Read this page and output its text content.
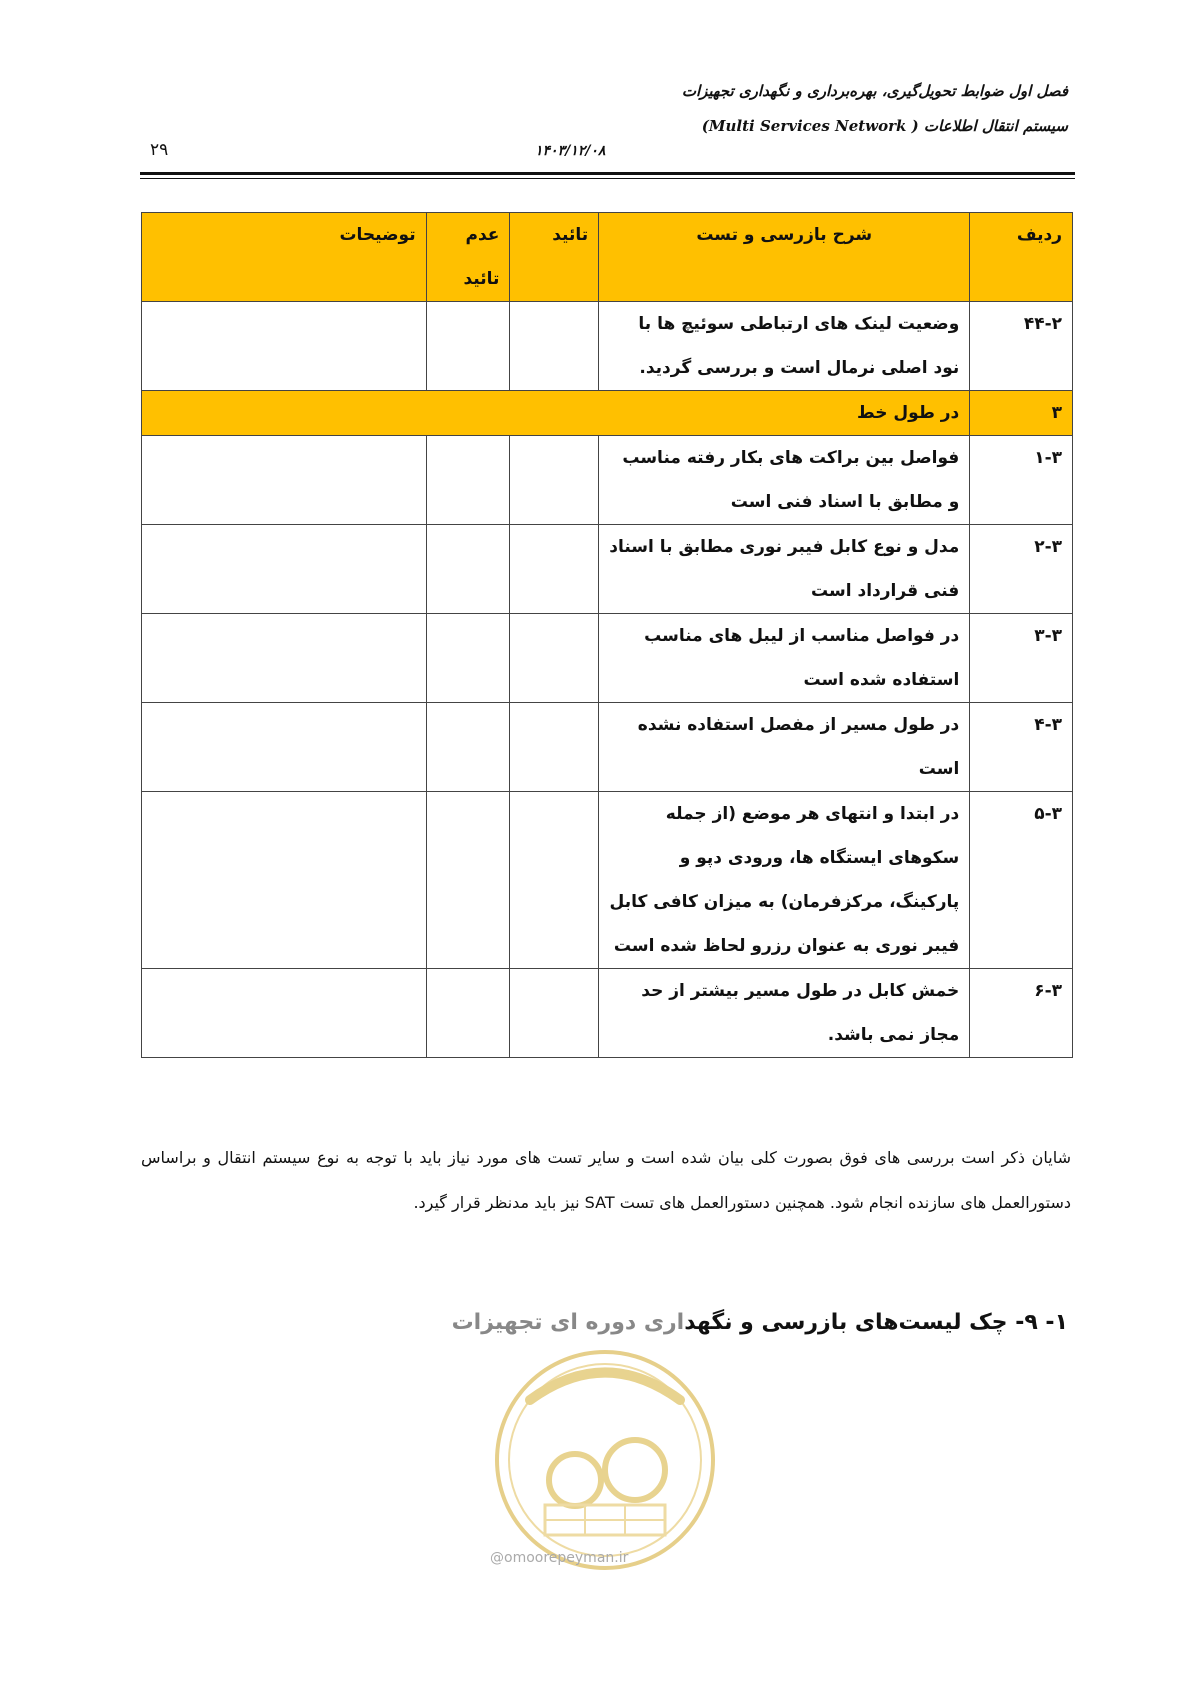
فصل اول ضوابط تحویل‌گیری، بهره‌برداری و نگهداری تجهیزات
سیستم انتقال اطلاعات ( Multi Services Network)
۱۴۰۳/۱۲/۰۸
۲۹
ردیف	شرح بازرسی و تست	تائید	عدم تائید	توضیحات
۴۴-۲	وضعیت لینک های ارتباطی سوئیچ ها با نود اصلی نرمال است و بررسی گردید.			
۳	در طول خط			
۱-۳	فواصل بین براکت های بکار رفته مناسب و مطابق با اسناد فنی است			
۲-۳	مدل و نوع کابل فیبر نوری مطابق با اسناد فنی قرارداد است			
۳-۳	در فواصل مناسب از لیبل های مناسب استفاده شده است			
۴-۳	در طول مسیر از مفصل استفاده نشده است			
۵-۳	در ابتدا و انتهای هر موضع (از جمله سکوهای ایستگاه ها، ورودی دپو و پارکینگ، مرکزفرمان) به میزان کافی کابل فیبر نوری به عنوان رزرو لحاظ شده است			
۶-۳	خمش کابل در طول مسیر بیشتر از حد مجاز نمی باشد.			
شایان ذکر است بررسی های فوق بصورت کلی بیان شده است و سایر تست های مورد نیاز باید با توجه به نوع سیستم انتقال و براساس دستورالعمل های سازنده انجام شود. همچنین دستورالعمل های تست SAT نیز باید مدنظر قرار گیرد.
۱- ۹- چک لیست‌های بازرسی و نگهداری دوره ای تجهیزات
@omoorepeyman.ir
